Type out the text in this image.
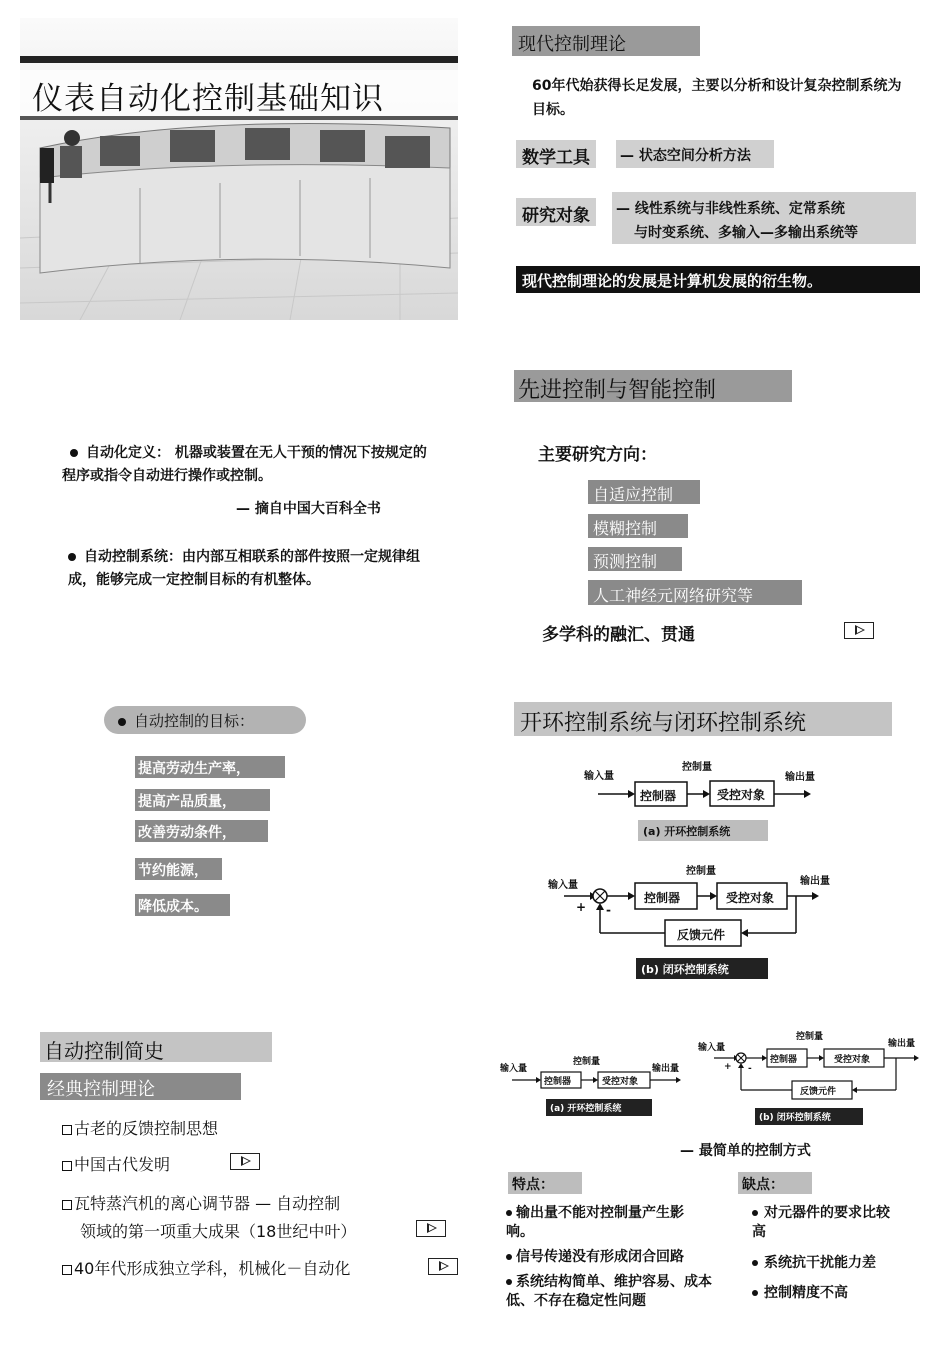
仪表自动化控制基础知识
现代控制理论
60年代始获得长足发展，主要以分析和设计复杂控制系统为目标。
数学工具 — 状态空间分析方法
研究对象 — 线性系统与非线性系统、定常系统
与时变系统、多输入—多输出系统等
现代控制理论的发展是计算机发展的衍生物。
自动化定义： 机器或装置在无人干预的情况下按规定的程序或指令自动进行操作或控制。
— 摘自中国大百科全书
自动控制系统：由内部互相联系的部件按照一定规律组成，能够完成一定控制目标的有机整体。
先进控制与智能控制
主要研究方向：
自适应控制
模糊控制
预测控制
人工神经元网络研究等
多学科的融汇、贯通
自动控制的目标：
提高劳动生产率，
提高产品质量，
改善劳动条件，
节约能源，
降低成本。
开环控制系统与闭环控制系统
输入量
控制量
输出量
控制器	受控对象
(a) 开环控制系统
输入量
控制量
输出量
+ -
控制器	受控对象
反馈元件
(b) 闭环控制系统
自动控制简史
经典控制理论
古老的反馈控制思想
中国古代发明
瓦特蒸汽机的离心调节器 — 自动控制
领域的第一项重大成果（18世纪中叶）
40年代形成独立学科，机械化－自动化
输入量
控制量
输出量
控制器	受控对象
(a) 开环控制系统
输入量
控制量
输出量
+ -
控制器	受控对象
反馈元件
(b) 闭环控制系统
— 最简单的控制方式
特点：
输出量不能对控制量产生影响。
信号传递没有形成闭合回路
系统结构简单、维护容易、成本低、不存在稳定性问题
缺点：
对元器件的要求比较高
系统抗干扰能力差
控制精度不高
